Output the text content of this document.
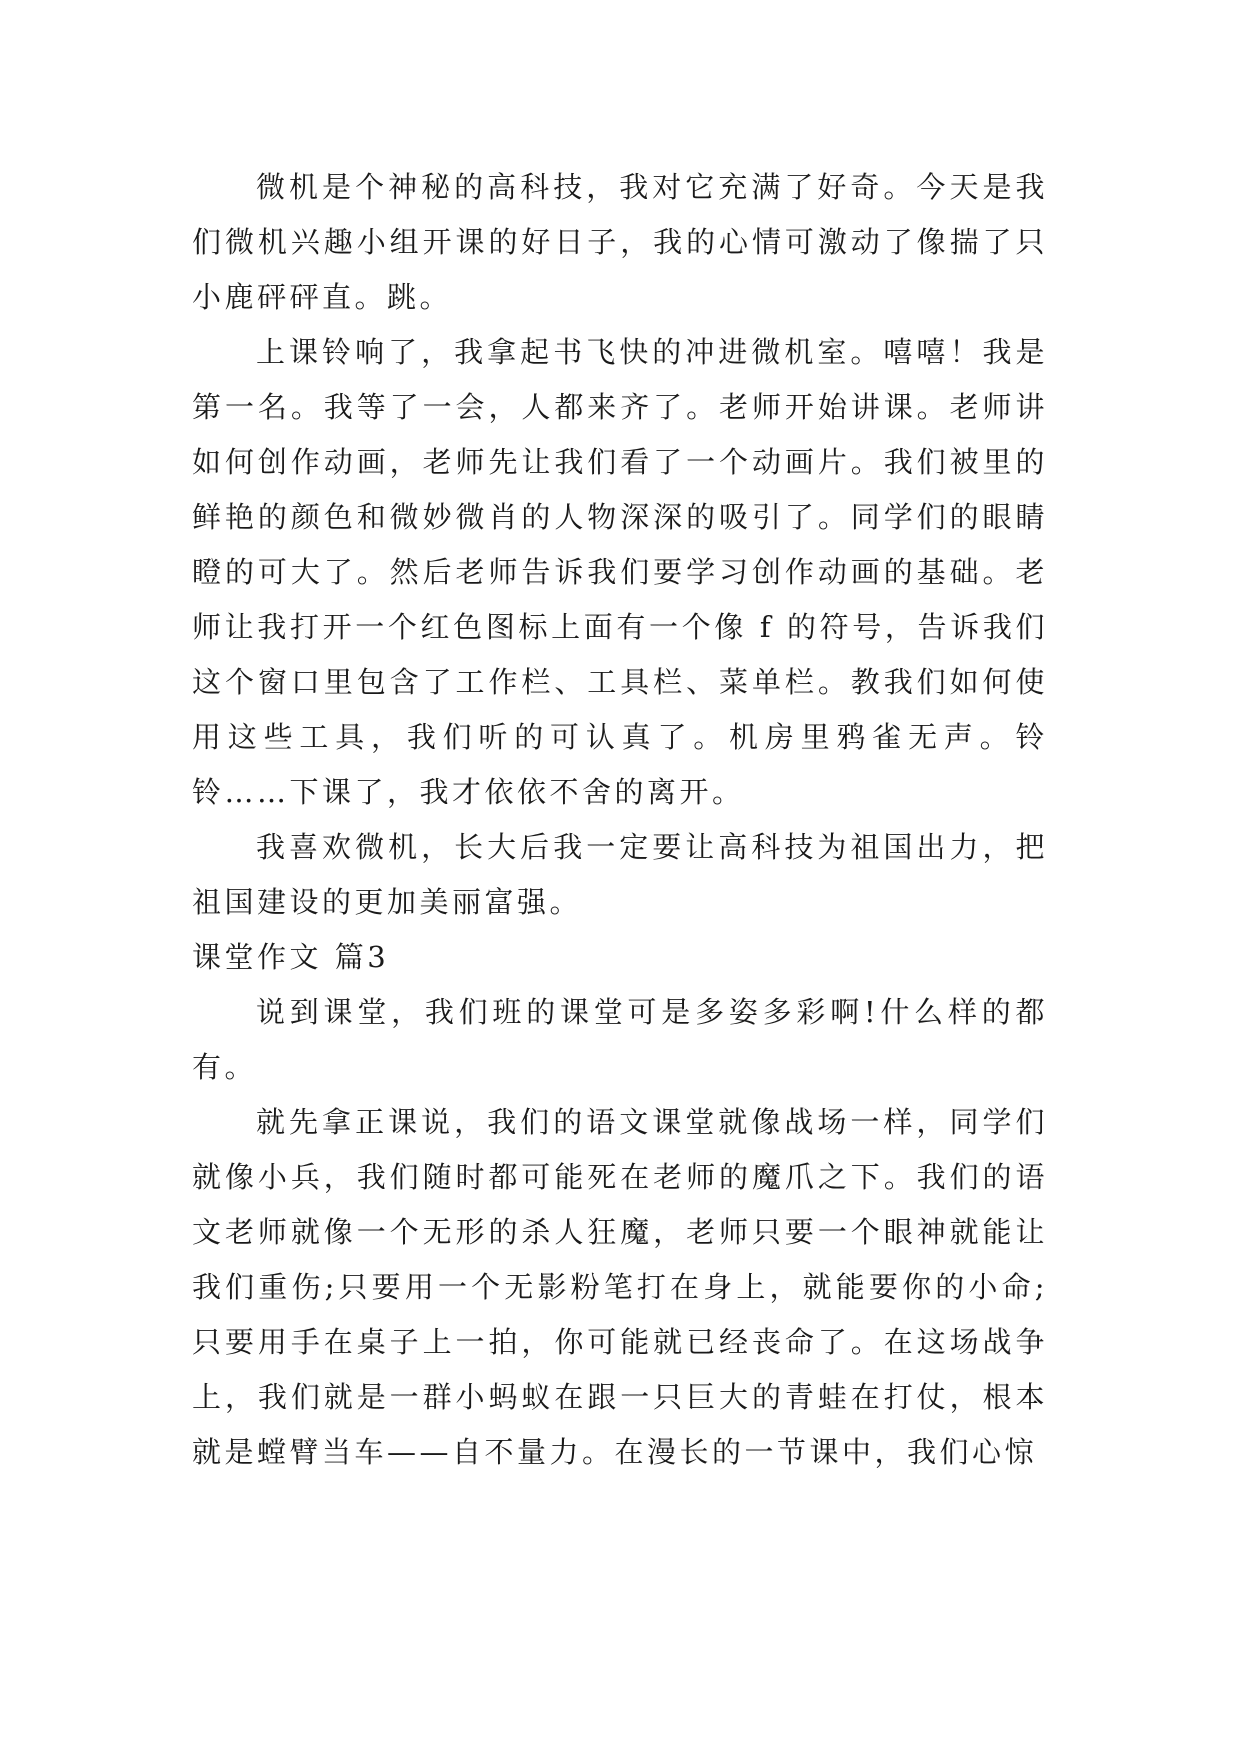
微机是个神秘的高科技，我对它充满了好奇。今天是我们微机兴趣小组开课的好日子，我的心情可激动了像揣了只小鹿砰砰直。跳。

上课铃响了，我拿起书飞快的冲进微机室。嘻嘻！我是第一名。我等了一会，人都来齐了。老师开始讲课。老师讲如何创作动画，老师先让我们看了一个动画片。我们被里的鲜艳的颜色和微妙微肖的人物深深的吸引了。同学们的眼睛瞪的可大了。然后老师告诉我们要学习创作动画的基础。老师让我打开一个红色图标上面有一个像 f 的符号，告诉我们这个窗口里包含了工作栏、工具栏、菜单栏。教我们如何使用这些工具，我们听的可认真了。机房里鸦雀无声。铃铃……下课了，我才依依不舍的离开。

我喜欢微机，长大后我一定要让高科技为祖国出力，把祖国建设的更加美丽富强。

课堂作文 篇3

说到课堂，我们班的课堂可是多姿多彩啊!什么样的都有。

就先拿正课说，我们的语文课堂就像战场一样，同学们就像小兵，我们随时都可能死在老师的魔爪之下。我们的语文老师就像一个无形的杀人狂魔，老师只要一个眼神就能让我们重伤;只要用一个无影粉笔打在身上，就能要你的小命;只要用手在桌子上一拍，你可能就已经丧命了。在这场战争上，我们就是一群小蚂蚁在跟一只巨大的青蛙在打仗，根本就是螳臂当车——自不量力。在漫长的一节课中，我们心惊
